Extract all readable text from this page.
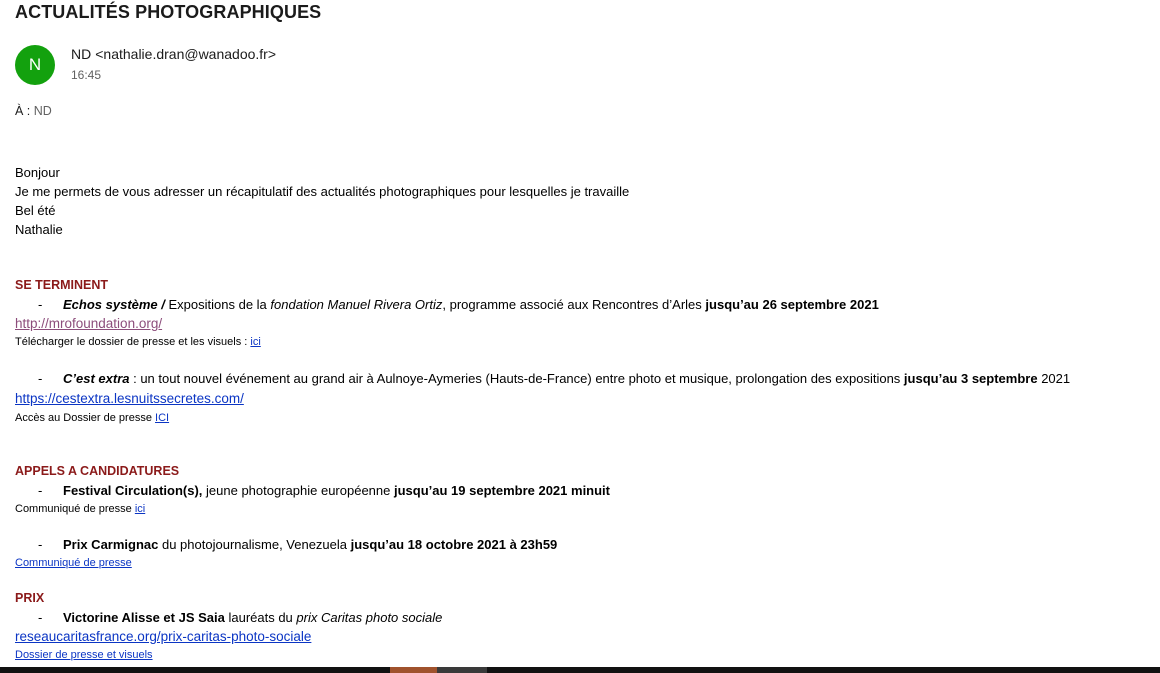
ACTUALITÉS PHOTOGRAPHIQUES
N
ND <nathalie.dran@wanadoo.fr>
16:45
À : ND
Bonjour
Je me permets de vous adresser un récapitulatif des actualités photographiques pour lesquelles je travaille
Bel été
Nathalie
SE TERMINENT
- Echos système / Expositions de la fondation Manuel Rivera Ortiz, programme associé aux Rencontres d’Arles jusqu’au 26 septembre 2021
http://mrofoundation.org/
Télécharger le dossier de presse et les visuels : ici
- C’est extra : un tout nouvel événement au grand air à Aulnoye-Aymeries (Hauts-de-France) entre photo et musique, prolongation des expositions jusqu’au 3 septembre 2021
https://cestextra.lesnuitssecretes.com/
Accès au Dossier de presse ICI
APPELS A CANDIDATURES
- Festival Circulation(s), jeune photographie européenne jusqu’au 19 septembre 2021 minuit
Communiqué de presse ici
- Prix Carmignac du photojournalisme, Venezuela jusqu’au 18 octobre 2021 à 23h59
Communiqué de presse
PRIX
- Victorine Alisse et JS Saia lauréats du prix Caritas photo sociale
reseaucaritasfrance.org/prix-caritas-photo-sociale
Dossier de presse et visuels
